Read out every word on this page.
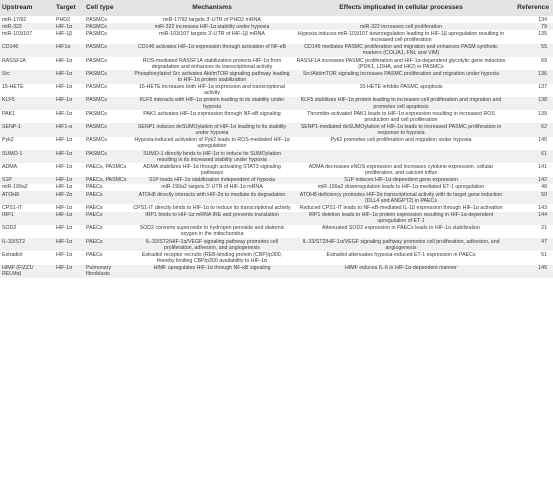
Upstream	Target	Cell type	Mechanisms	Effects implicated in cellular processes	Reference
miR-17/92	PHD2	PASMCs	miR-17/92 targets 3'-UTR of PHD2 mRNA		134
miR-322	HIF-1α	PASMCs	miR-322 increases HIF-1α stability under hypoxia	miR-322 increases cell proliferation	79
miR-103/107	HIF-1β	PASMCs	miR-103/107 targets 3'-UTR of HIF-1β mRNA	Hypoxia induces miR-103/107 downregulation leading to HIF-1β upregulation resulting in increased cell proliferation	135
CD146	HIF1α	PASMCs	CD146 activates HIF-1α expression through activation of NF-κB	CD146 mediates PASMC proliferation and migration and enhances PASM synthetic markers (COLIA1, FNI, and VIM)	55
RASSF1A	HIF-1α	PASMCs	ROS-mediated RASSF1A stabilization protects HIF-1α from degradation and enhances its transcriptional activity	RASSF1A increases PASMC proliferation and HIF-1α-dependent glycolytic gene induction (PDK1, LDHA, and HK2) in PASMCs	69
Src	HIF-1α	PASMCs	Phosphorylated Src activates Akt/mTOR signaling pathway leading to HIF-1α protein stabilization	Src/Akt/mTOR signaling increases PASMC proliferation and migration under hypoxia	136
15-HETE	HIF-1α	PASMCs	15-HETE increases both HIF-1α expression and transcriptional activity	15-HETE inhibits PASMC apoptosis	137
KLF5	HIF-1α	PASMCs	KLF5 interacts with HIF-1α protein leading to its stability under hypoxia	KLF5 stabilizes HIF-1α protein leading to increases cell proliferation and migration and promotes cell apoptosis	138
PAK1	HIF-1α	PASMCs	PAK1 activates HIF-1α expression through NF-κB signaling	Thrombin-activated PAK1 leads to HIF-1α expression resulting in increased ROS production and cell proliferation	139
SENP-1	HIF1-α	PASMCs	SENP1 induces deSUMOylation of HIF-1α leading to its stability under hypoxia	SENP1-mediated deSUMOylation of HIF-1α leads to increased PASMC proliferation in response to hypoxia	62
Pyk2	HIF-1α	PASMCs	Hypoxia-induced activation of Pyk2 leads to ROS-mediated HIF-1α upregulation	Pyk2 promotes cell proliferation and migration under hypoxia	140
SUMO-1	HIF-1α	PASMCs	SUMO-1 directly binds to HIF-1α to induce its SUMOylation resulting in its increased stability under hypoxia		61
ADMA	HIF-1α	PAECs, PASMCs	ADMA stabilizes HIF-1α through activating STAT3 signaling pathways	ADMA decreases eNOS expression and increases cytokine expression, cellular proliferation, and calcium influx	141
S1P	HIF-1α	PAECs, PASMCs	S1P leads HIF-1α stabilization independent of hypoxia	S1P induces HIF-1α-dependent gene expression	142
miR-199a2	HIF-1α	PAECs	miR-199a2 targets 3'-UTR of HIF-1α mRNA	miR-199a2 downregulation leads to HIF-1α-mediated ET-1 upregulation	48
ATOH8	HIF-2α	PAECs	ATOH8 directly interacts with HIF-2α to mediate its degradation	ATOH8 deficiency promotes HIF-2α transcriptional activity with its target gene induction (DLL4 and ANGPT2) in PAECs	50
CPS1-IT	HIF-1α	PAECs	CPS1-IT directly binds to HIF-1α to reduce its transcriptional activity	Reduced CPS1-IT leads to NF-κB-mediated IL-1β expression through HIF-1α activation	143
IRP1	HIF-1α	PAECs	IRP1 binds to HIF-1α mRNA IRE and prevents translation	IRP1 deletion leads to HIF-1α protein expression resulting in HIF-1α-dependent upregulation of ET-1	144
SOD2	HIF-1α	PAECs	SOD2 converts superoxide to hydrogen peroxide and diatomic oxygen in the mitochondria	Attenuated SOD2 expression in PAECs leads to HIF-1α stabilization	21
IL-33/ST2	HIF-1α	PAECs	IL-33/ST2/HIF-1α/VEGF signaling pathway promotes cell proliferation, adhesion, and angiogenesis	IL-33/ST2/HIF-1α/VEGF signaling pathway promotes cell proliferation, adhesion, and angiogenesis	47
Estradiol	HIF-1α	PAECs	Estradiol receptor recruits (REB-binding protein (CBP)/p300, thereby limiting CBP/p300 availability to HIF-1α	Estradiol attenuates hypoxia-induced ET-1 expression in PAECs	51
HIMF (FIZZ1/
RELMα)	HIF-1α	Pulmonary fibroblasts	HIMF upregulates HIF-1α through NF-κB signaling	HIMF induces IL-6 in HIF-1α-dependent manner	145
